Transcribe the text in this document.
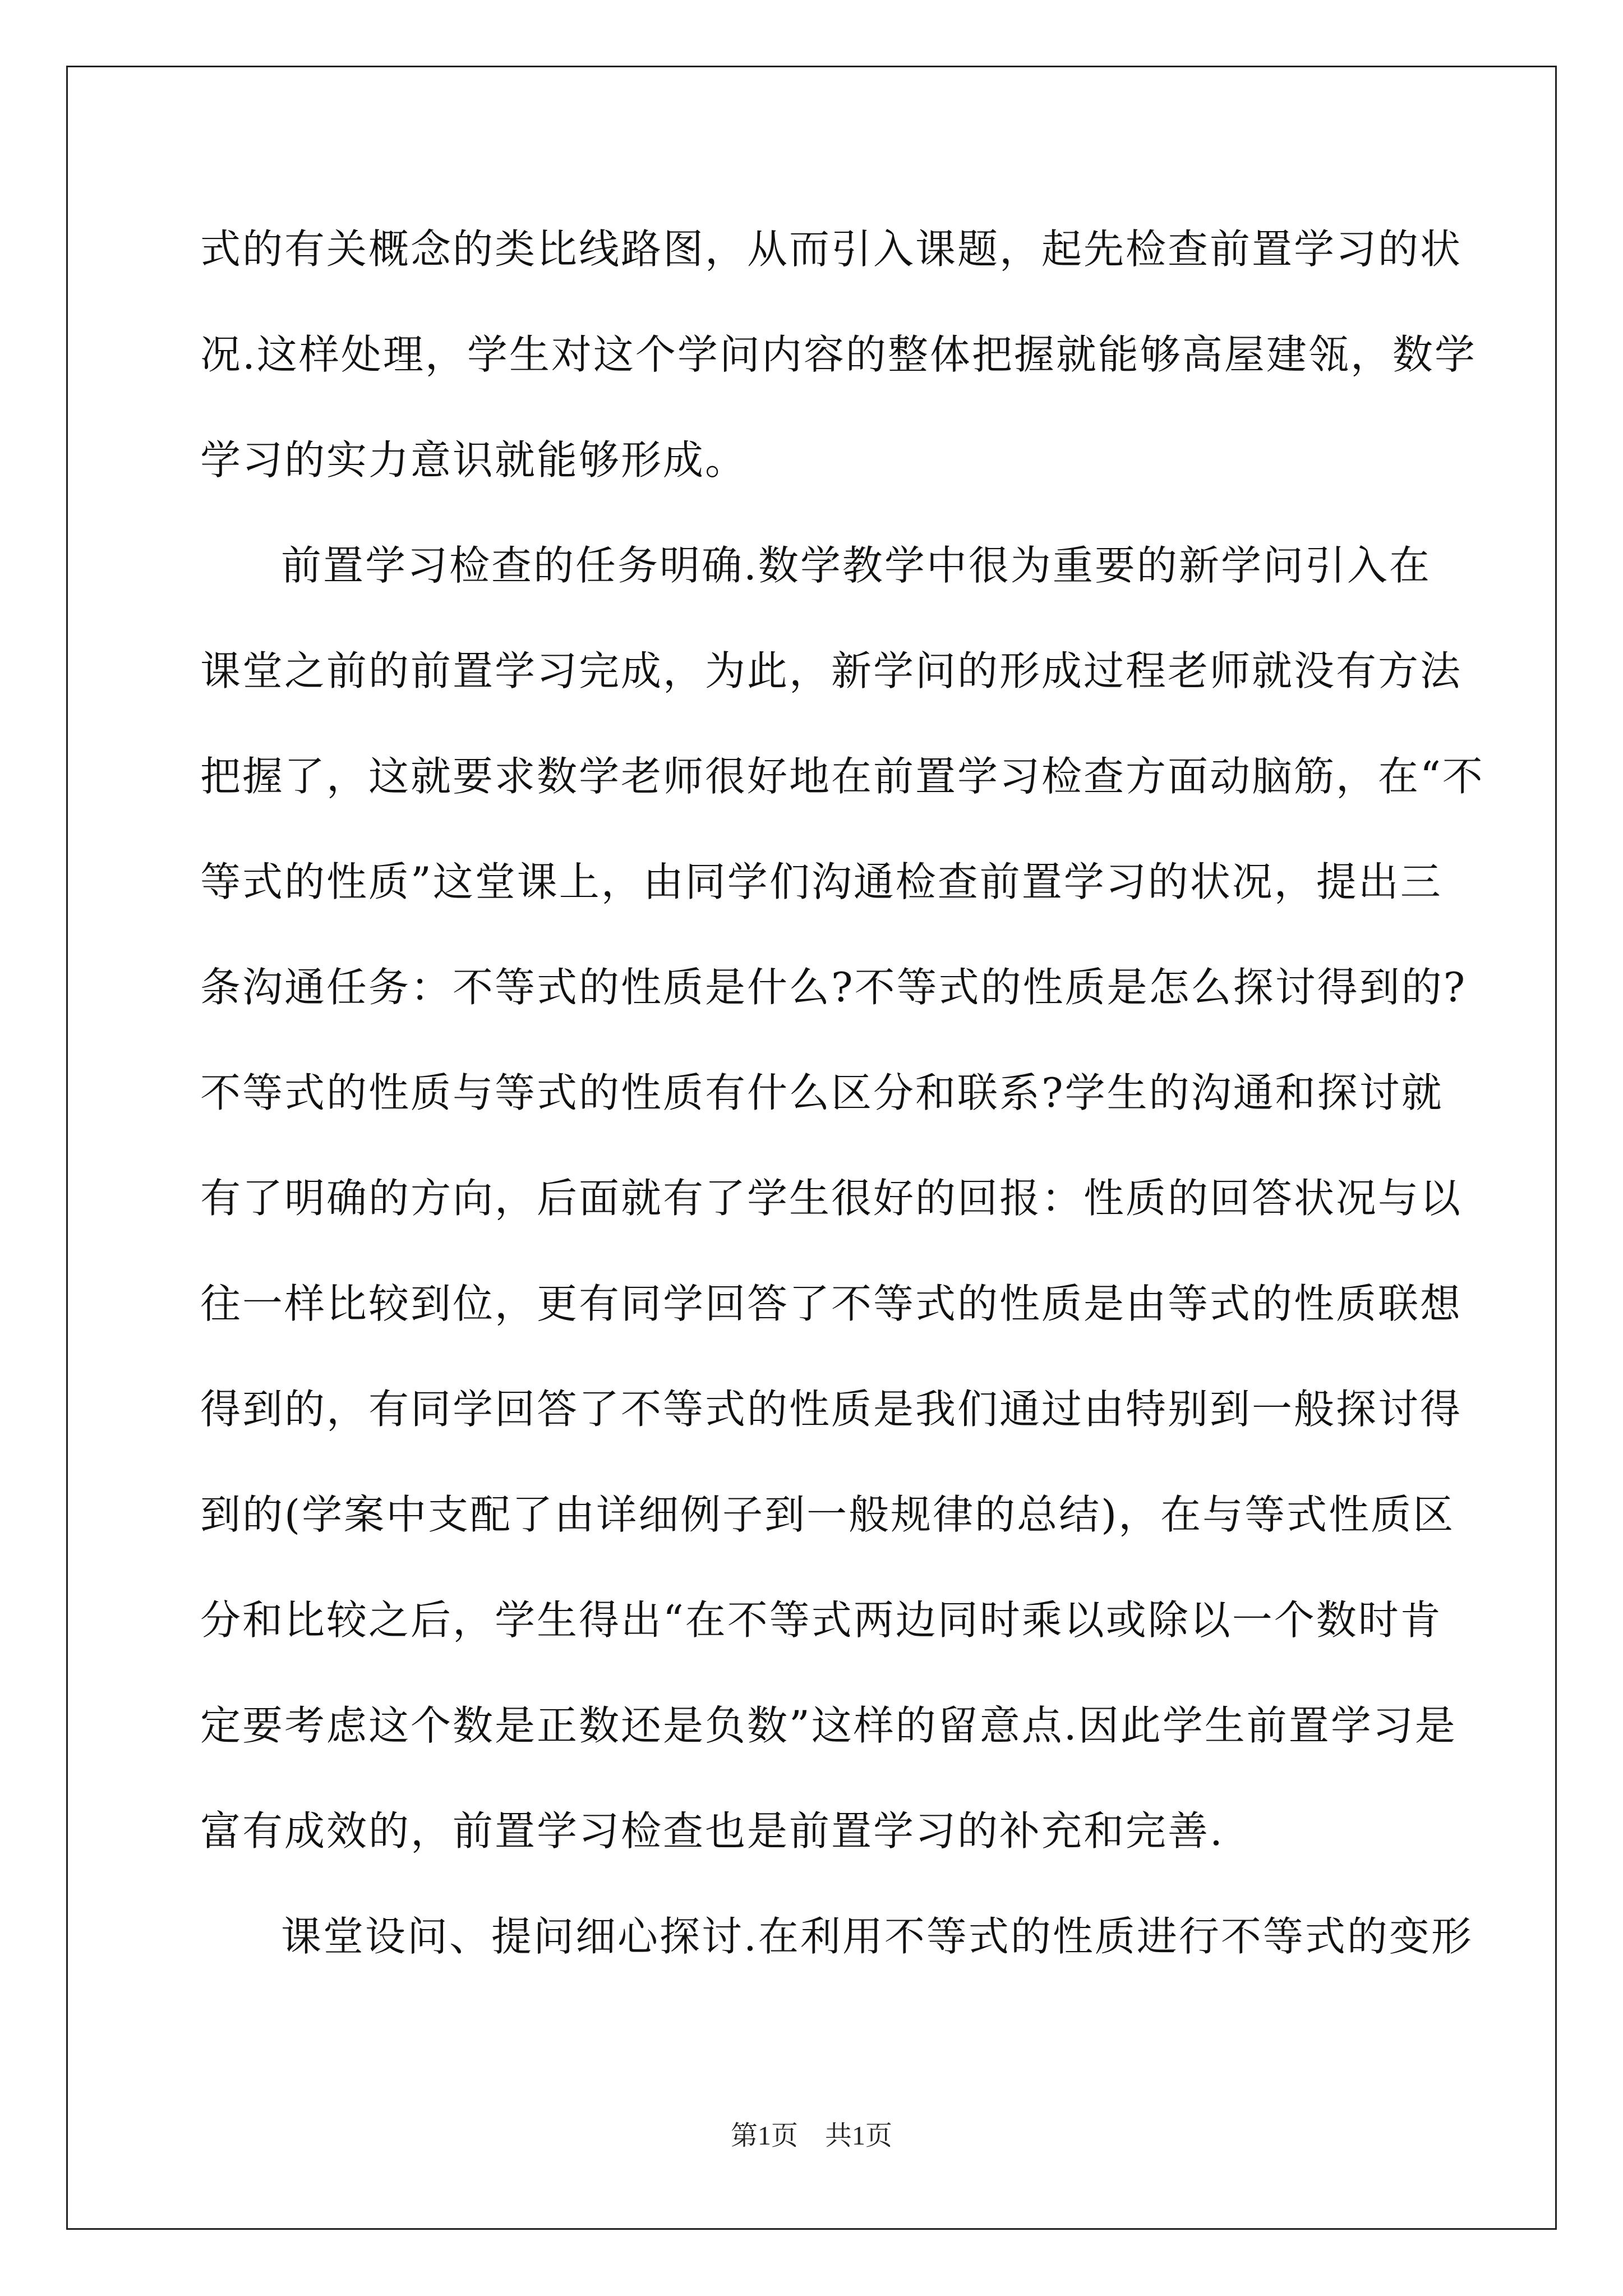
式的有关概念的类比线路图，从而引入课题，起先检查前置学习的状
况.这样处理，学生对这个学问内容的整体把握就能够高屋建瓴，数学
学习的实力意识就能够形成。
前置学习检查的任务明确.数学教学中很为重要的新学问引入在
课堂之前的前置学习完成，为此，新学问的形成过程老师就没有方法
把握了，这就要求数学老师很好地在前置学习检查方面动脑筋，在“不
等式的性质”这堂课上，由同学们沟通检查前置学习的状况，提出三
条沟通任务：不等式的性质是什么?不等式的性质是怎么探讨得到的?
不等式的性质与等式的性质有什么区分和联系?学生的沟通和探讨就
有了明确的方向，后面就有了学生很好的回报：性质的回答状况与以
往一样比较到位，更有同学回答了不等式的性质是由等式的性质联想
得到的，有同学回答了不等式的性质是我们通过由特别到一般探讨得
到的(学案中支配了由详细例子到一般规律的总结)，在与等式性质区
分和比较之后，学生得出“在不等式两边同时乘以或除以一个数时肯
定要考虑这个数是正数还是负数”这样的留意点.因此学生前置学习是
富有成效的，前置学习检查也是前置学习的补充和完善.
课堂设问、提问细心探讨.在利用不等式的性质进行不等式的变形
第1页　共1页
